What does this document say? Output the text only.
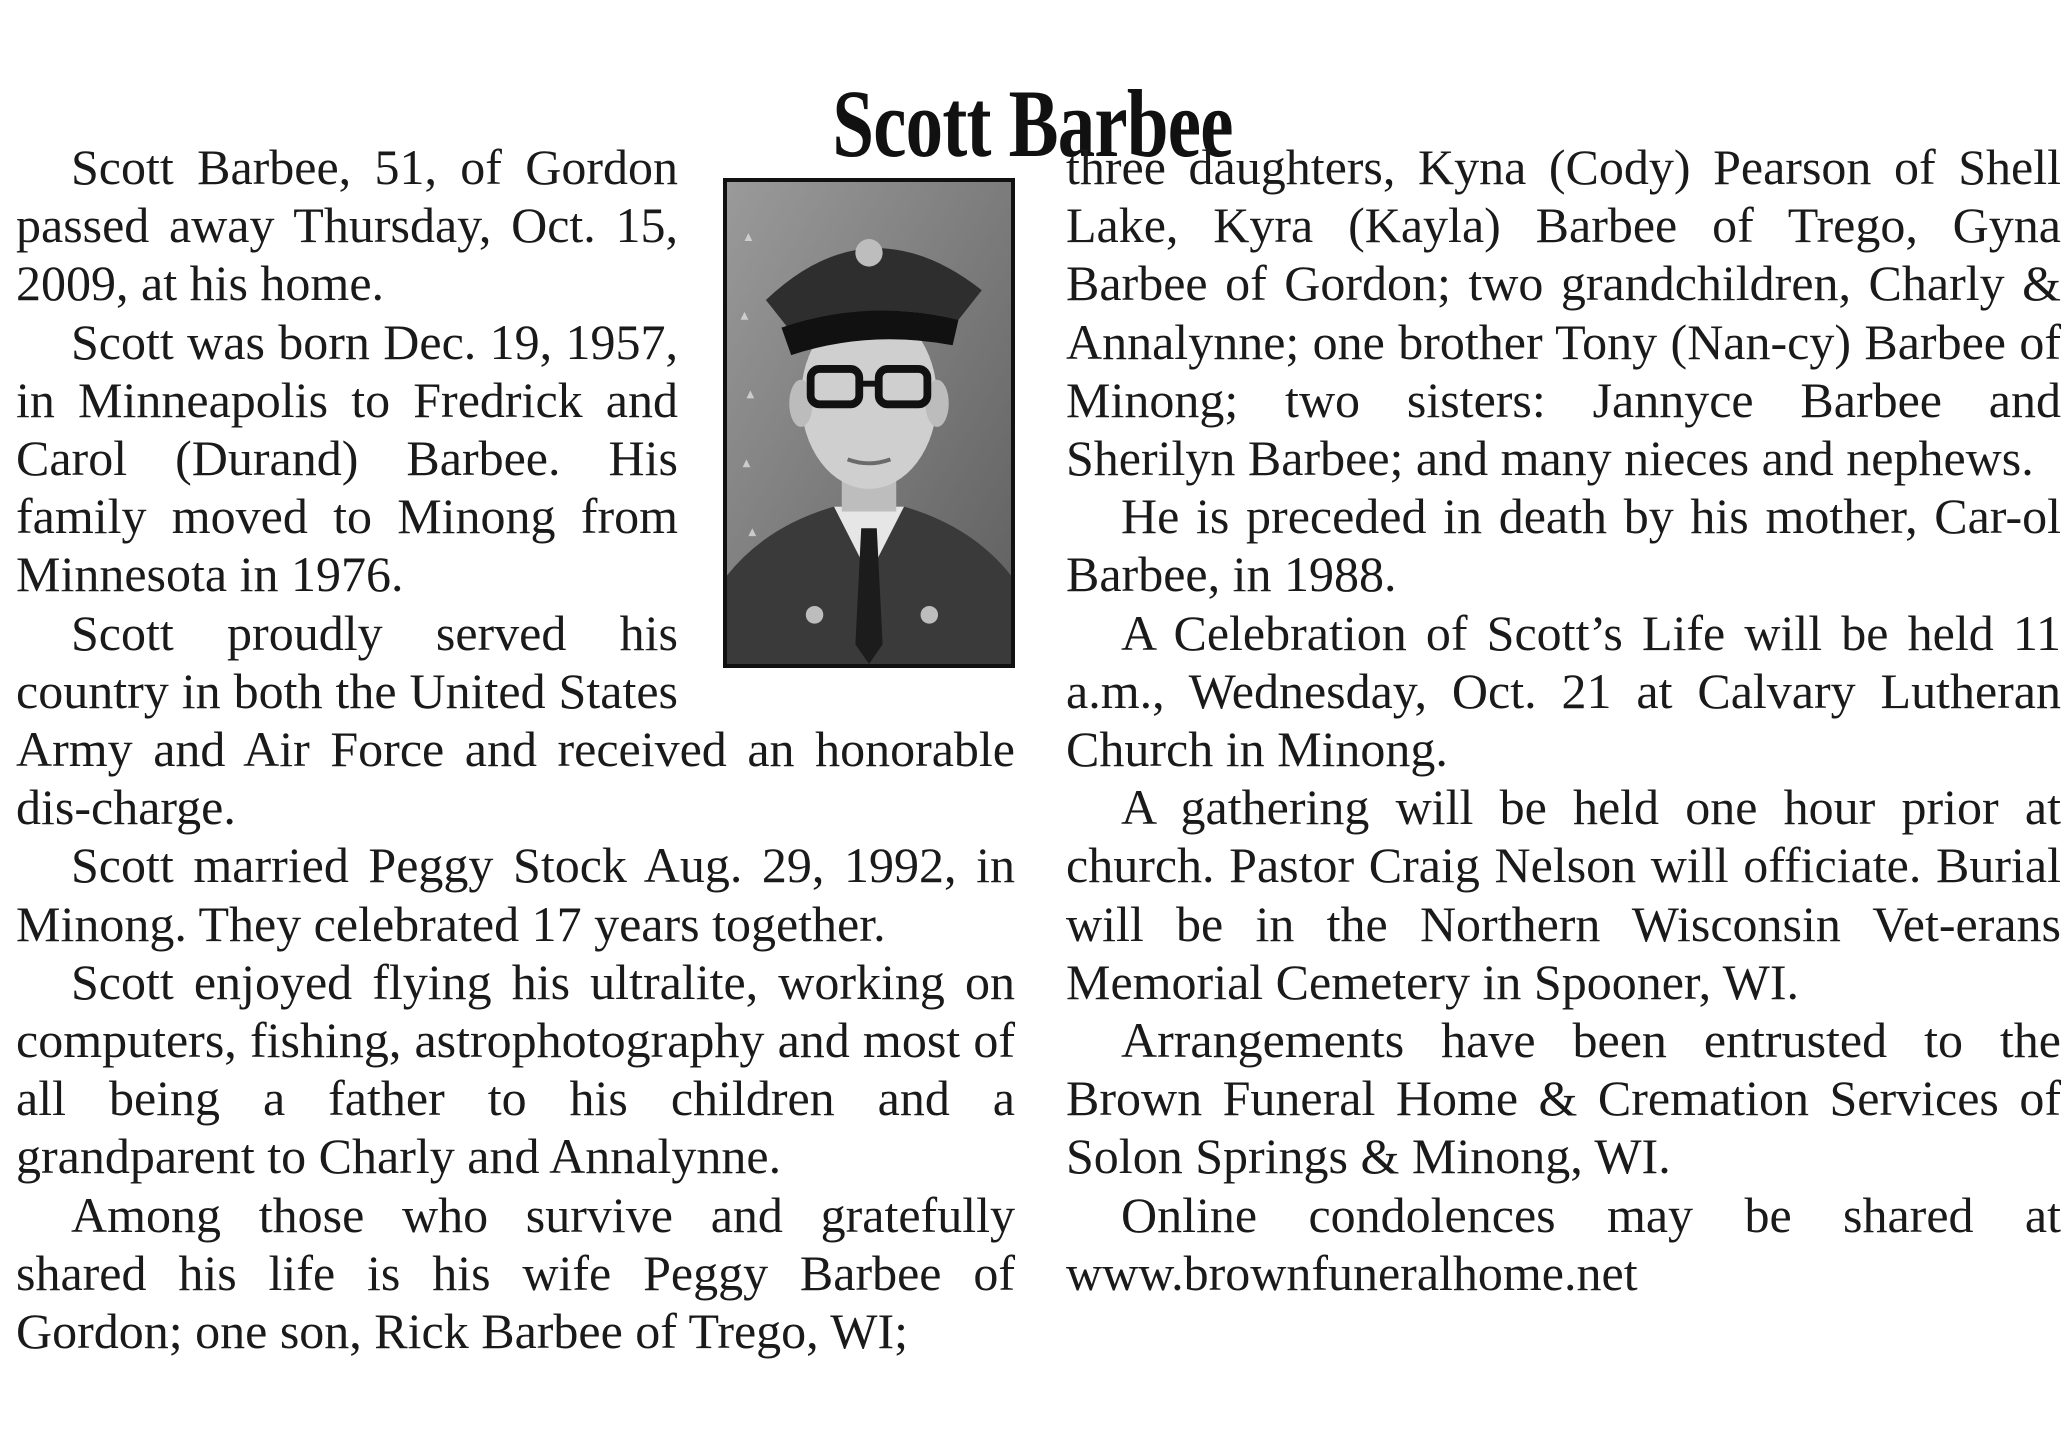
Scott Barbee

Scott Barbee, 51, of Gordon passed away Thursday, Oct. 15, 2009, at his home.

Scott was born Dec. 19, 1957, in Minneapolis to Fredrick and Carol (Durand) Barbee. His family moved to Minong from Minnesota in 1976.

Scott proudly served his country in both the United States Army and Air Force and received an honorable dis-charge.

Scott married Peggy Stock Aug. 29, 1992, in Minong. They celebrated 17 years together.

Scott enjoyed flying his ultralite, working on computers, fishing, astrophotography and most of all being a father to his children and a grandparent to Charly and Annalynne.

Among those who survive and gratefully shared his life is his wife Peggy Barbee of Gordon; one son, Rick Barbee of Trego, WI;

three daughters, Kyna (Cody) Pearson of Shell Lake, Kyra (Kayla) Barbee of Trego, Gyna Barbee of Gordon; two grandchildren, Charly & Annalynne; one brother Tony (Nan-cy) Barbee of Minong; two sisters: Jannyce Barbee and Sherilyn Barbee; and many nieces and nephews.

He is preceded in death by his mother, Car-ol Barbee, in 1988.

A Celebration of Scott’s Life will be held 11 a.m., Wednesday, Oct. 21 at Calvary Lutheran Church in Minong.

A gathering will be held one hour prior at church. Pastor Craig Nelson will officiate. Burial will be in the Northern Wisconsin Vet-erans Memorial Cemetery in Spooner, WI.

Arrangements have been entrusted to the Brown Funeral Home & Cremation Services of Solon Springs & Minong, WI.

Online condolences may be shared at www.brownfuneralhome.net
